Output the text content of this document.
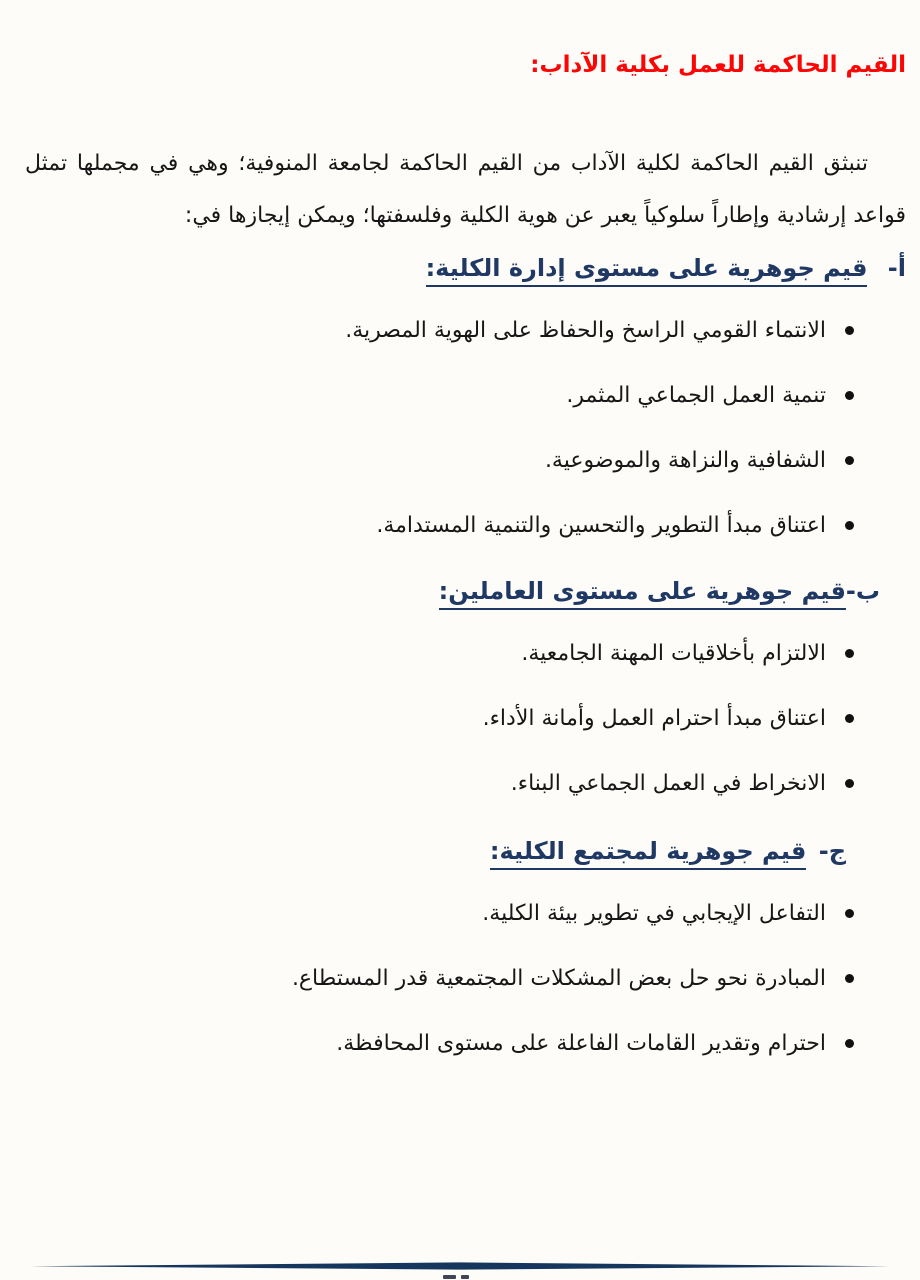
القيم الحاكمة للعمل بكلية الآداب:

تنبثق القيم الحاكمة لكلية الآداب من القيم الحاكمة لجامعة المنوفية؛ وهي في مجملها تمثل قواعد إرشادية وإطاراً سلوكياً يعبر عن هوية الكلية وفلسفتها؛ ويمكن إيجازها في:

أ- قيم جوهرية على مستوى إدارة الكلية:
الانتماء القومي الراسخ والحفاظ على الهوية المصرية.
تنمية العمل الجماعي المثمر.
الشفافية والنزاهة والموضوعية.
اعتناق مبدأ التطوير والتحسين والتنمية المستدامة.
ب-قيم جوهرية على مستوى العاملين:
الالتزام بأخلاقيات المهنة الجامعية.
اعتناق مبدأ احترام العمل وأمانة الأداء.
الانخراط في العمل الجماعي البناء.
ج- قيم جوهرية لمجتمع الكلية:
التفاعل الإيجابي في تطوير بيئة الكلية.
المبادرة نحو حل بعض المشكلات المجتمعية قدر المستطاع.
احترام وتقدير القامات الفاعلة على مستوى المحافظة.
